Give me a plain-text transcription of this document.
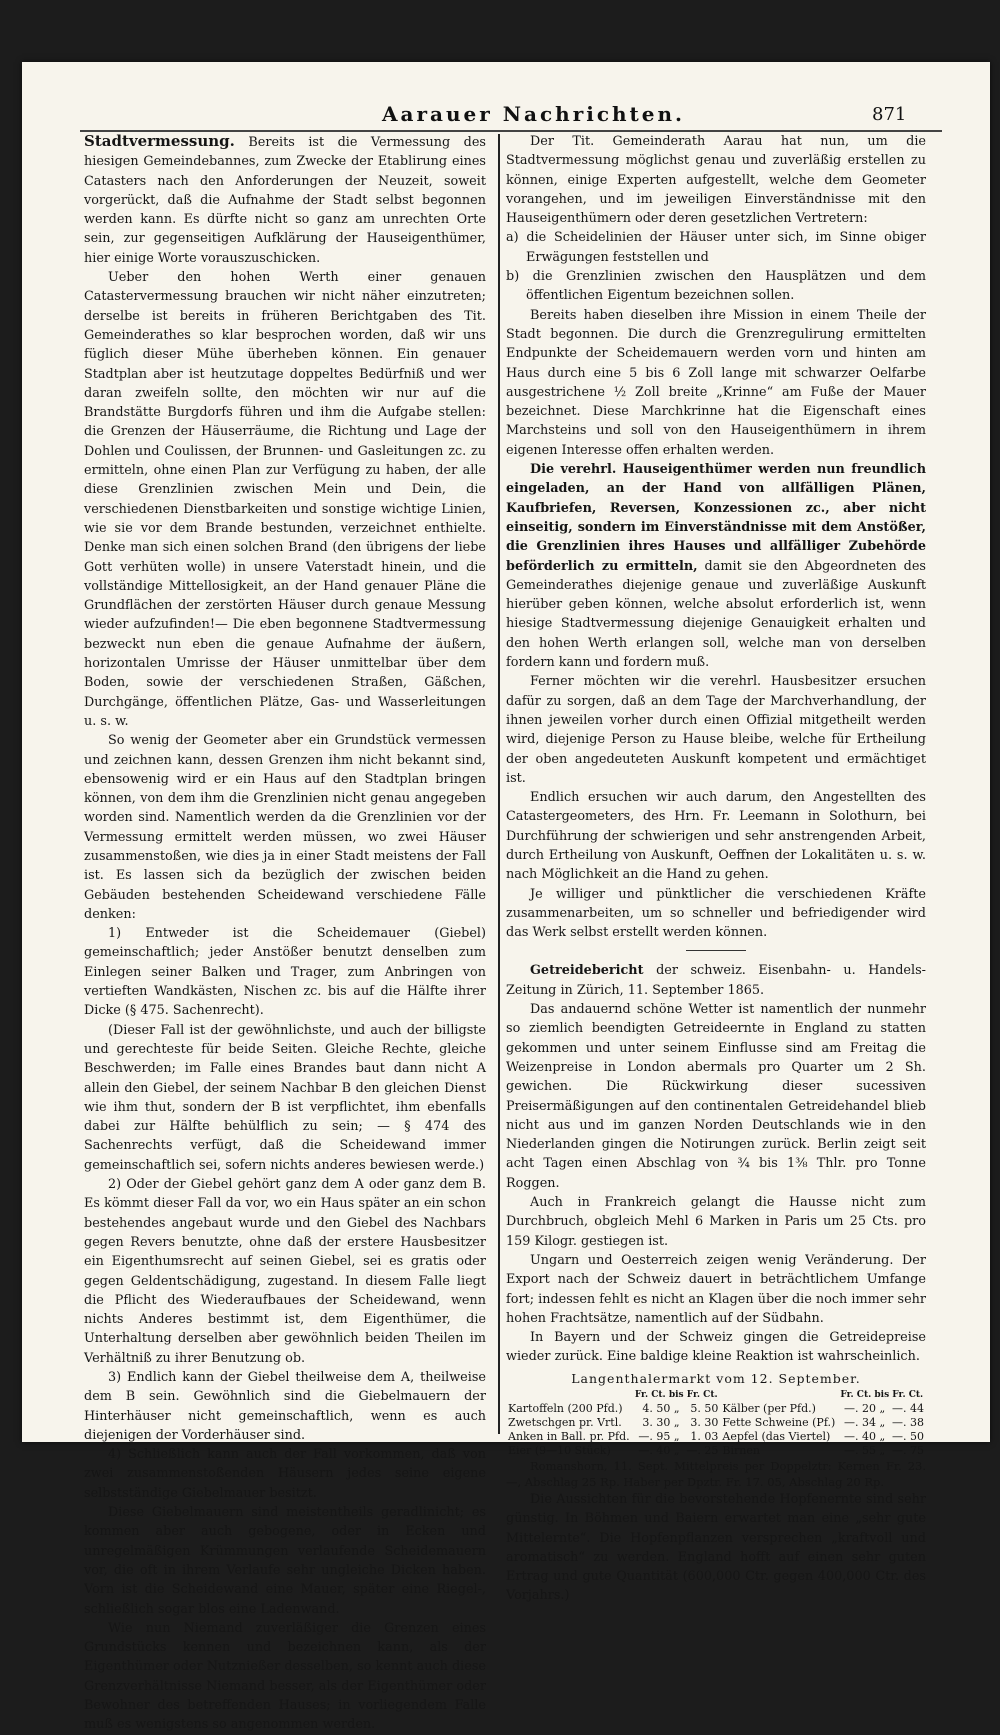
Aarauer Nachrichten.	871

Stadtvermessung. Bereits ist die Vermessung des hiesigen Gemeindebannes, zum Zwecke der Etablirung eines Catasters nach den Anforderungen der Neuzeit, soweit vorgerückt, daß die Aufnahme der Stadt selbst begonnen werden kann. Es dürfte nicht so ganz am unrechten Orte sein, zur gegenseitigen Aufklärung der Hauseigenthümer, hier einige Worte vorauszuschicken.

Ueber den hohen Werth einer genauen Catastervermessung brauchen wir nicht näher einzutreten; derselbe ist bereits in früheren Berichtgaben des Tit. Gemeinderathes so klar besprochen worden, daß wir uns füglich dieser Mühe überheben können. Ein genauer Stadtplan aber ist heutzutage doppeltes Bedürfniß und wer daran zweifeln sollte, den möchten wir nur auf die Brandstätte Burgdorfs führen und ihm die Aufgabe stellen: die Grenzen der Häuserräume, die Richtung und Lage der Dohlen und Coulissen, der Brunnen- und Gasleitungen zc. zu ermitteln, ohne einen Plan zur Verfügung zu haben, der alle diese Grenzlinien zwischen Mein und Dein, die verschiedenen Dienstbarkeiten und sonstige wichtige Linien, wie sie vor dem Brande bestunden, verzeichnet enthielte. Denke man sich einen solchen Brand (den übrigens der liebe Gott verhüten wolle) in unsere Vaterstadt hinein, und die vollständige Mittellosigkeit, an der Hand genauer Pläne die Grundflächen der zerstörten Häuser durch genaue Messung wieder aufzufinden!— Die eben begonnene Stadtvermessung bezweckt nun eben die genaue Aufnahme der äußern, horizontalen Umrisse der Häuser unmittelbar über dem Boden, sowie der verschiedenen Straßen, Gäßchen, Durchgänge, öffentlichen Plätze, Gas- und Wasserleitungen u. s. w.

So wenig der Geometer aber ein Grundstück vermessen und zeichnen kann, dessen Grenzen ihm nicht bekannt sind, ebensowenig wird er ein Haus auf den Stadtplan bringen können, von dem ihm die Grenzlinien nicht genau angegeben worden sind. Namentlich werden da die Grenzlinien vor der Vermessung ermittelt werden müssen, wo zwei Häuser zusammenstoßen, wie dies ja in einer Stadt meistens der Fall ist. Es lassen sich da bezüglich der zwischen beiden Gebäuden bestehenden Scheidewand verschiedene Fälle denken:

1) Entweder ist die Scheidemauer (Giebel) gemeinschaftlich; jeder Anstößer benutzt denselben zum Einlegen seiner Balken und Trager, zum Anbringen von vertieften Wandkästen, Nischen zc. bis auf die Hälfte ihrer Dicke (§ 475. Sachenrecht).

(Dieser Fall ist der gewöhnlichste, und auch der billigste und gerechteste für beide Seiten. Gleiche Rechte, gleiche Beschwerden; im Falle eines Brandes baut dann nicht A allein den Giebel, der seinem Nachbar B den gleichen Dienst wie ihm thut, sondern der B ist verpflichtet, ihm ebenfalls dabei zur Hälfte behülflich zu sein; — § 474 des Sachenrechts verfügt, daß die Scheidewand immer gemeinschaftlich sei, sofern nichts anderes bewiesen werde.)

2) Oder der Giebel gehört ganz dem A oder ganz dem B. Es kömmt dieser Fall da vor, wo ein Haus später an ein schon bestehendes angebaut wurde und den Giebel des Nachbars gegen Revers benutzte, ohne daß der erstere Hausbesitzer ein Eigenthumsrecht auf seinen Giebel, sei es gratis oder gegen Geldentschädigung, zugestand. In diesem Falle liegt die Pflicht des Wiederaufbaues der Scheidewand, wenn nichts Anderes bestimmt ist, dem Eigenthümer, die Unterhaltung derselben aber gewöhnlich beiden Theilen im Verhältniß zu ihrer Benutzung ob.

3) Endlich kann der Giebel theilweise dem A, theilweise dem B sein. Gewöhnlich sind die Giebelmauern der Hinterhäuser nicht gemeinschaftlich, wenn es auch diejenigen der Vorderhäuser sind.

4) Schließlich kann auch der Fall vorkommen, daß von zwei zusammenstoßenden Häusern jedes seine eigene selbstständige Giebelmauer besitzt.

Diese Giebelmauern sind meistentheils geradlinicht; es kommen aber auch gebogene, oder in Ecken und unregelmäßigen Krümmungen verlaufende Scheidemauern vor, die oft in ihrem Verlaufe sehr ungleiche Dicken haben. Vorn ist die Scheidewand eine Mauer, später eine Riegel-, schließlich sogar blos eine Ladenwand.

Wie nun Niemand zuverläßiger die Grenzen eines Grundstücks kennen und bezeichnen kann, als der Eigenthümer oder Nutznießer desselben, so kennt auch diese Grenzverhältnisse Niemand besser, als der Eigenthümer oder Bewohner des betreffenden Hauses; in vorliegendem Falle muß es wenigstens so angenommen werden.

Der Tit. Gemeinderath Aarau hat nun, um die Stadtvermessung möglichst genau und zuverläßig erstellen zu können, einige Experten aufgestellt, welche dem Geometer vorangehen, und im jeweiligen Einverständnisse mit den Hauseigenthümern oder deren gesetzlichen Vertretern:

a) die Scheidelinien der Häuser unter sich, im Sinne obiger Erwägungen feststellen und

b) die Grenzlinien zwischen den Hausplätzen und dem öffentlichen Eigentum bezeichnen sollen.

Bereits haben dieselben ihre Mission in einem Theile der Stadt begonnen. Die durch die Grenzregulirung ermittelten Endpunkte der Scheidemauern werden vorn und hinten am Haus durch eine 5 bis 6 Zoll lange mit schwarzer Oelfarbe ausgestrichene ½ Zoll breite „Krinne“ am Fuße der Mauer bezeichnet. Diese Marchkrinne hat die Eigenschaft eines Marchsteins und soll von den Hauseigenthümern in ihrem eigenen Interesse offen erhalten werden.

Die verehrl. Hauseigenthümer werden nun freundlich eingeladen, an der Hand von allfälligen Plänen, Kaufbriefen, Reversen, Konzessionen zc., aber nicht einseitig, sondern im Einverständnisse mit dem Anstößer, die Grenzlinien ihres Hauses und allfälliger Zubehörde beförderlich zu ermitteln, damit sie den Abgeordneten des Gemeinderathes diejenige genaue und zuverläßige Auskunft hierüber geben können, welche absolut erforderlich ist, wenn hiesige Stadtvermessung diejenige Genauigkeit erhalten und den hohen Werth erlangen soll, welche man von derselben fordern kann und fordern muß.

Ferner möchten wir die verehrl. Hausbesitzer ersuchen dafür zu sorgen, daß an dem Tage der Marchverhandlung, der ihnen jeweilen vorher durch einen Offizial mitgetheilt werden wird, diejenige Person zu Hause bleibe, welche für Ertheilung der oben angedeuteten Auskunft kompetent und ermächtiget ist.

Endlich ersuchen wir auch darum, den Angestellten des Catastergeometers, des Hrn. Fr. Leemann in Solothurn, bei Durchführung der schwierigen und sehr anstrengenden Arbeit, durch Ertheilung von Auskunft, Oeffnen der Lokalitäten u. s. w. nach Möglichkeit an die Hand zu gehen.

Je williger und pünktlicher die verschiedenen Kräfte zusammenarbeiten, um so schneller und befriedigender wird das Werk selbst erstellt werden können.

Getreidebericht der schweiz. Eisenbahn- u. Handels-Zeitung in Zürich, 11. September 1865.

Das andauernd schöne Wetter ist namentlich der nunmehr so ziemlich beendigten Getreideernte in England zu statten gekommen und unter seinem Einflusse sind am Freitag die Weizenpreise in London abermals pro Quarter um 2 Sh. gewichen. Die Rückwirkung dieser sucessiven Preisermäßigungen auf den continentalen Getreidehandel blieb nicht aus und im ganzen Norden Deutschlands wie in den Niederlanden gingen die Notirungen zurück. Berlin zeigt seit acht Tagen einen Abschlag von ¾ bis 1⅜ Thlr. pro Tonne Roggen.

Auch in Frankreich gelangt die Hausse nicht zum Durchbruch, obgleich Mehl 6 Marken in Paris um 25 Cts. pro 159 Kilogr. gestiegen ist.

Ungarn und Oesterreich zeigen wenig Veränderung. Der Export nach der Schweiz dauert in beträchtlichem Umfange fort; indessen fehlt es nicht an Klagen über die noch immer sehr hohen Frachtsätze, namentlich auf der Südbahn.

In Bayern und der Schweiz gingen die Getreidepreise wieder zurück. Eine baldige kleine Reaktion ist wahrscheinlich.

Langenthalermarkt vom 12. September.
	Fr. Ct. bis Fr. Ct.			Fr. Ct. bis Fr. Ct.	
Kartoffeln (200 Pfd.)	4. 50 „	5. 50	Kälber (per Pfd.)	—. 20 „	—. 44
Zwetschgen pr. Vrtl.	3. 30 „	3. 30	Fette Schweine (Pf.)	—. 34 „	—. 38
Anken in Ball. pr. Pfd.	—. 95 „	1. 03	Aepfel (das Viertel)	—. 40 „	—. 50
Eier (9—10 Stück)	—. 40 „	—. 25	Birnen	—. 55 „	—. 75

Romanshorn, 11. Sept. Mittelpreis per Doppelztr: Kernen Fr. 23. —, Abschlag 25 Rp. Haber per Dpztr. Fr. 17. 05, Abschlag 20 Rp.

Die Aussichten für die bevorstehende Hopfenernte sind sehr günstig. In Böhmen und Baiern erwartet man eine „sehr gute Mittelernte“. Die Hopfenpflanzen versprechen „kraftvoll und aromatisch“ zu werden. England hofft auf einen sehr guten Ertrag und gute Quantität (600,000 Ctr. gegen 400,000 Ctr. des Vorjahrs.)
